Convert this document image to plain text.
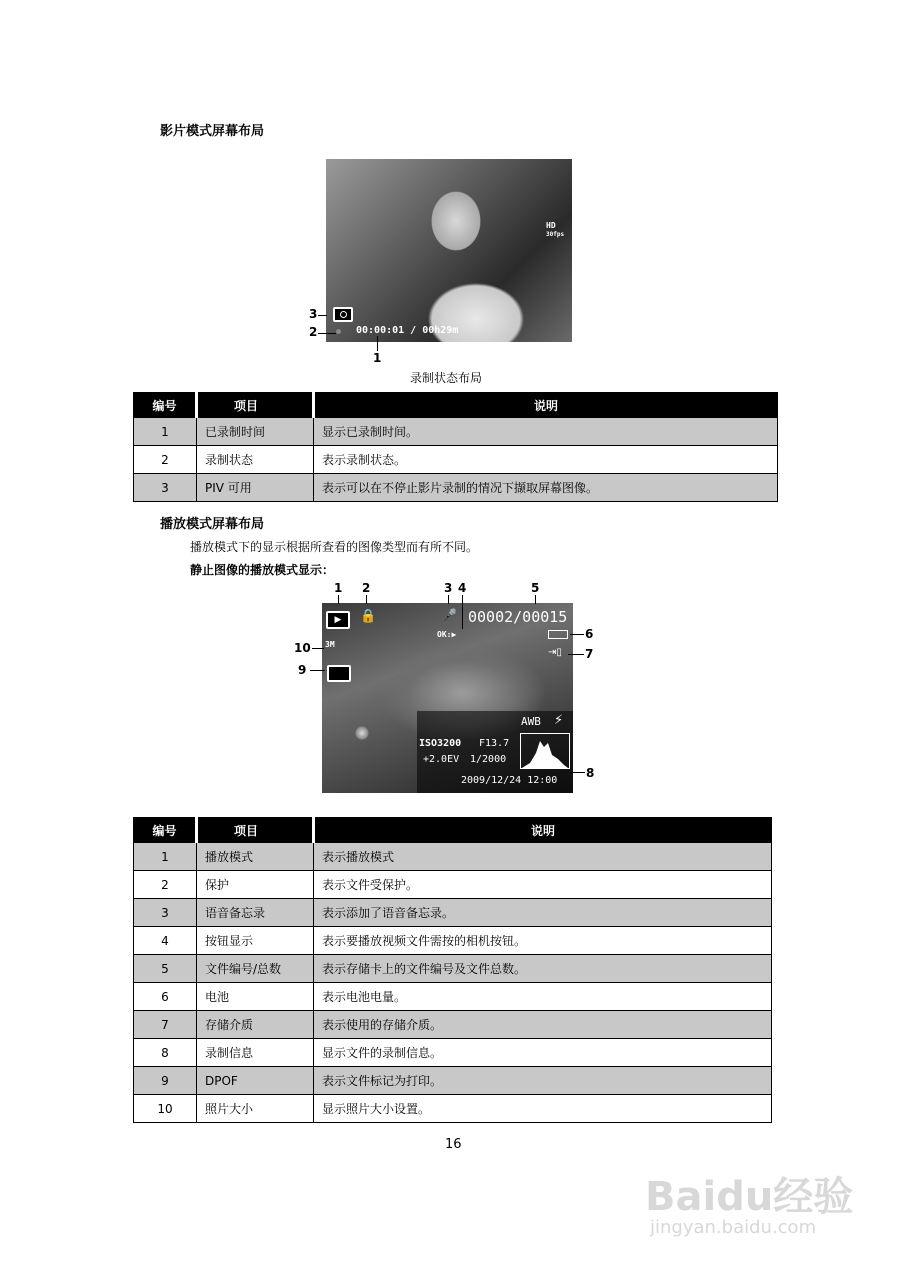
影片模式屏幕布局
HD
30fps
00:00:01 / 00h29m
3
2
1
录制状态布局
编号	项目	说明
1	已录制时间	显示已录制时间。
2	录制状态	表示录制状态。
3	PIV 可用	表示可以在不停止影片录制的情况下撷取屏幕图像。
播放模式屏幕布局
播放模式下的显示根据所查看的图像类型而有所不同。
静止图像的播放模式显示：
▶	🔒	🎤 00002/00015
OK:▶
⇥▯
3M
AWB ⚡
ISO3200 F13.7
+2.0EV 1/2000
2009/12/24 12:00
1 2	3 4	5
6
7
8
9
10
编号	项目	说明
1	播放模式	表示播放模式
2	保护	表示文件受保护。
3	语音备忘录	表示添加了语音备忘录。
4	按钮显示	表示要播放视频文件需按的相机按钮。
5	文件编号/总数	表示存储卡上的文件编号及文件总数。
6	电池	表示电池电量。
7	存储介质	表示使用的存储介质。
8	录制信息	显示文件的录制信息。
9	DPOF	表示文件标记为打印。
10	照片大小	显示照片大小设置。
16
Baidu经验
jingyan.baidu.com
